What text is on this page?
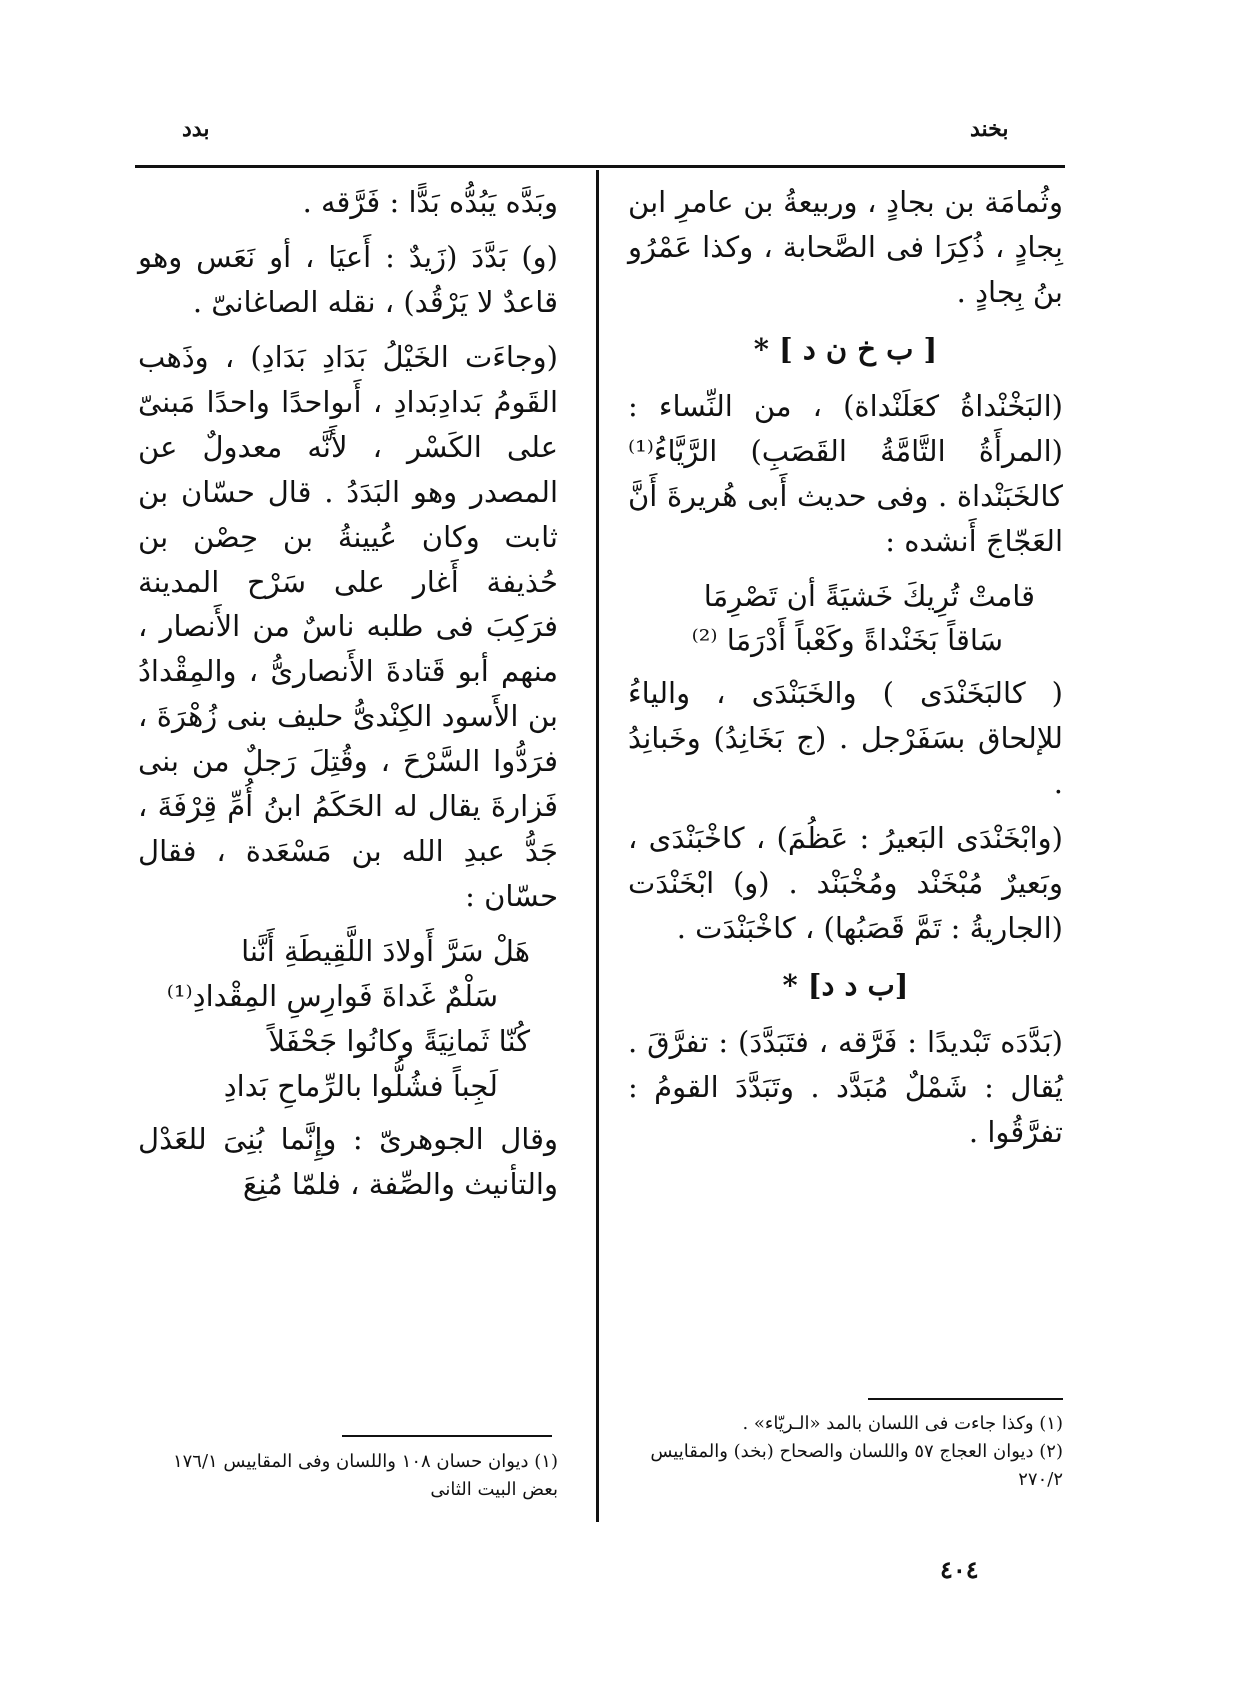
بخند
بدد

وثُمامَة بن بجادٍ ، وربيعةُ بن عامرِ ابن بِجادٍ ، ذُكِرَا فى الصَّحابة ، وكذا عَمْرُو بنُ بِجادٍ .

[ ب خ ن د ] *

(البَخْنْداةُ كعَلَنْداة) ، من النِّساء : (المرأَةُ التَّامَّةُ القَصَبِ) الرَّيَّاءُ⁽¹⁾ كالخَبَنْداة . وفى حديث أَبى هُريرةَ أَنَّ العَجّاجَ أَنشده :

قامتْ تُرِيكَ خَشيَةً أن تَصْرِمَا
سَاقاً بَخَنْداةً وكَعْباً أَدْرَمَا ⁽²⁾

( كالبَخَنْدَى ) والخَبَنْدَى ، والياءُ للإلحاق بسَفَرْجل . (ج بَخَانِدُ) وخَبانِدُ .

(وابْخَنْدَى البَعيرُ : عَظُمَ) ، كاخْبَنْدَى ، وبَعيرٌ مُبْخَنْد ومُخْبَنْد . (و) ابْخَنْدَت (الجاريةُ : تَمَّ قَصَبُها) ، كاخْبَنْدَت .

[ب د د] *

(بَدَّدَه تَبْديدًا : فَرَّقه ، فتَبَدَّدَ) : تفرَّقَ . يُقال : شَمْلٌ مُبَدَّد . وتَبَدَّدَ القومُ : تفرَّقُوا .

وبَدَّه يَبُدُّه بَدًّا : فَرَّقه .

(و) بَدَّدَ (زَيدٌ : أَعيَا ، أو نَعَس وهو قاعدٌ لا يَرْقُد) ، نقله الصاغانىّ .

(وجاءَت الخَيْلُ بَدَادِ بَدَادِ) ، وذَهب القَومُ بَدادِبَدادِ ، أَىواحدًا واحدًا مَبنىّ على الكَسْر ، لأَنَّه معدولٌ عن المصدر وهو البَدَدُ . قال حسّان بن ثابت وكان عُيينةُ بن حِصْن بن حُذيفة أَغار على سَرْح المدينة فرَكِبَ فى طلبه ناسٌ من الأَنصار ، منهم أبو قَتادةَ الأَنصارىُّ ، والمِقْدادُ بن الأَسود الكِنْدىُّ حليف بنى زُهْرَةَ ، فرَدُّوا السَّرْحَ ، وقُتِلَ رَجلٌ من بنى فَزارةَ يقال له الحَكَمُ ابنُ أُمِّ قِرْفَةَ ، جَدُّ عبدِ الله بن مَسْعَدة ، فقال حسّان :

هَلْ سَرَّ أَولادَ اللَّقِيطَةِ أَنَّنا
سَلْمٌ غَداةَ فَوارِسِ المِقْدادِ⁽¹⁾
كُنّا ثَمانِيَةً وكانُوا جَحْفَلاً
لَجِباً فشُلُّوا بالرِّماحِ بَدادِ

وقال الجوهرىّ : وإِنَّما بُنِىَ للعَدْل والتأنيث والصِّفة ، فلمّا مُنِعَ

(١) وكذا جاءت فى اللسان بالمد «الـريّاء» .
(٢) ديوان العجاج ٥٧ واللسان والصحاح (بخد) والمقاييس ٢٧٠/٢
(١) ديوان حسان ١٠٨ واللسان وفى المقاييس ١٧٦/١ بعض البيت الثانى
٤٠٤
